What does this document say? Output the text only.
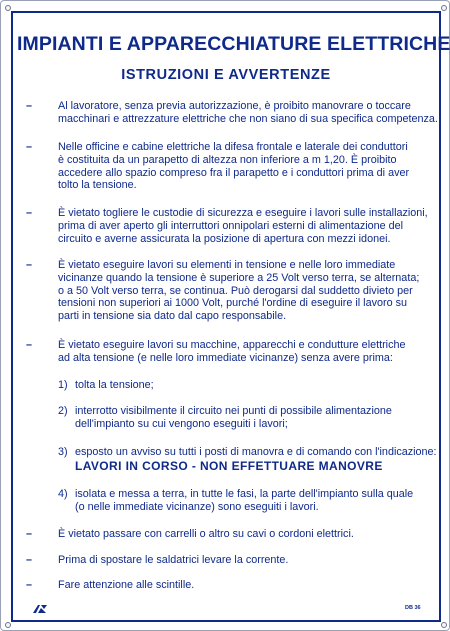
IMPIANTI E APPARECCHIATURE ELETTRICHE
ISTRUZIONI E AVVERTENZE
–	Al lavoratore, senza previa autorizzazione, è proibito manovrare o toccare
macchinari e attrezzature elettriche che non siano di sua specifica competenza.
–	Nelle officine e cabine elettriche la difesa frontale e laterale dei conduttori
è costituita da un parapetto di altezza non inferiore a m 1,20. È proibito
accedere allo spazio compreso fra il parapetto e i conduttori prima di aver
tolto la tensione.
–	È vietato togliere le custodie di sicurezza e eseguire i lavori sulle installazioni,
prima di aver aperto gli interruttori onnipolari esterni di alimentazione del
circuito e averne assicurata la posizione di apertura con mezzi idonei.
–	È vietato eseguire lavori su elementi in tensione e nelle loro immediate
vicinanze quando la tensione è superiore a 25 Volt verso terra, se alternata;
o a 50 Volt verso terra, se continua. Può derogarsi dal suddetto divieto per
tensioni non superiori ai 1000 Volt, purché l'ordine di eseguire il lavoro su
parti in tensione sia dato dal capo responsabile.
–	È vietato eseguire lavori su macchine, apparecchi e condutture elettriche
ad alta tensione (e nelle loro immediate vicinanze) senza avere prima:
1) tolta la tensione;
2) interrotto visibilmente il circuito nei punti di possibile alimentazione
dell'impianto su cui vengono eseguiti i lavori;
3) esposto un avviso su tutti i posti di manovra e di comando con l'indicazione:
LAVORI IN CORSO - NON EFFETTUARE MANOVRE
4) isolata e messa a terra, in tutte le fasi, la parte dell'impianto sulla quale
(o nelle immediate vicinanze) sono eseguiti i lavori.
–	È vietato passare con carrelli o altro su cavi o cordoni elettrici.
–	Prima di spostare le saldatrici levare la corrente.
–	Fare attenzione alle scintille.
DB 36
